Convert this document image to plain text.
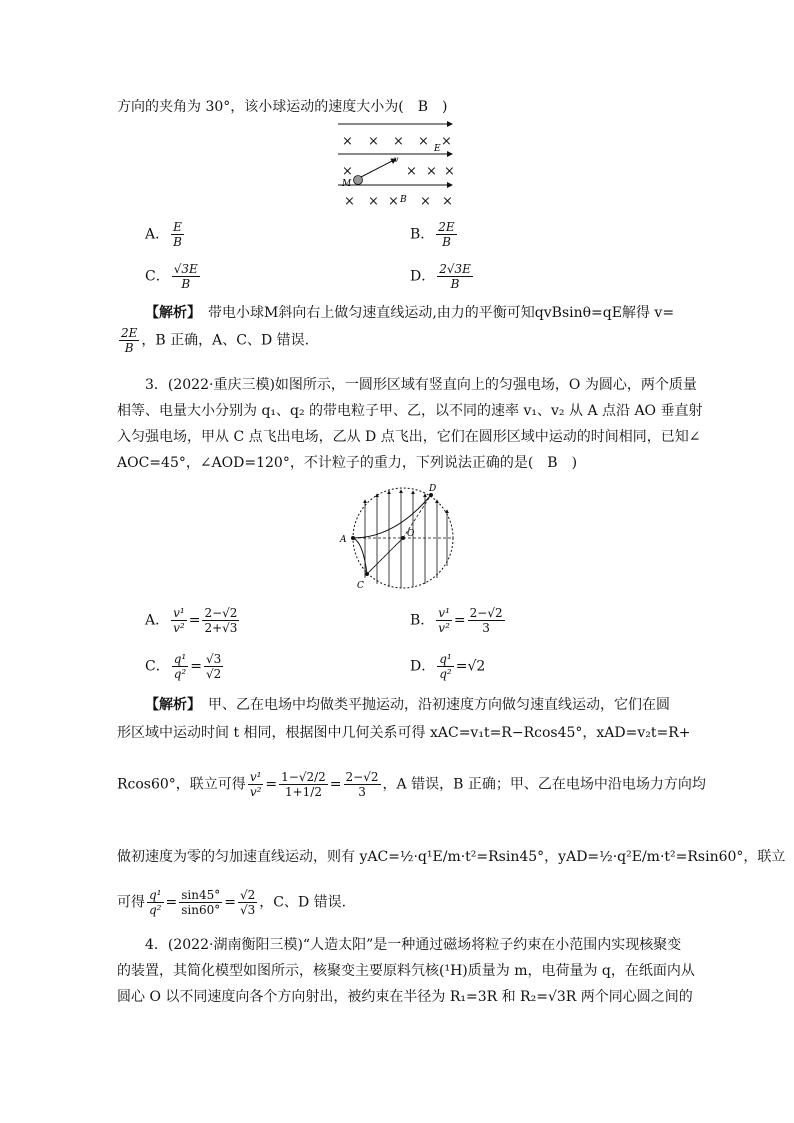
方向的夹角为 30°，该小球运动的速度大小为(　B　)
× × × × ×
×	× × ×
× × × × ×
E
B
v
M
A． $\frac{E}{B}$	B． $\frac{2E}{B}$
C． $\frac{√3E}{B}$	D． $\frac{2√3E}{B}$
【解析】　 带电小球M斜向右上做匀速直线运动,由力的平衡可知qvBsinθ=qE解得 v=
$\frac{2E}{B}$ ，B 正确，A、C、D 错误.
3．(2022·重庆三模)如图所示，一圆形区域有竖直向上的匀强电场，O 为圆心，两个质量
相等、电量大小分别为 q₁、q₂ 的带电粒子甲、乙，以不同的速率 v₁、v₂ 从 A 点沿 AO 垂直射
入匀强电场，甲从 C 点飞出电场，乙从 D 点飞出，它们在圆形区域中运动的时间相同，已知∠
AOC=45°，∠AOD=120°，不计粒子的重力，下列说法正确的是(　B　)
A
O
C
D
A． $\frac{\text{v¹}}{\text{v²}} = \frac{2-√2}{2+√3}$	B． $\frac{\text{v¹}}{\text{v²}} = \frac{2-√2}{3}$
C． $\frac{\text{q¹}}{\text{q²}} = \frac{√3}{√2}$	D． $\frac{\text{q¹}}{\text{q²}} =√2$
【解析】　 甲、乙在电场中均做类平抛运动，沿初速度方向做匀速直线运动，它们在圆
形区域中运动时间 t 相同，根据图中几何关系可得 xAC=v₁t=R−Rcos45°，xAD=v₂t=R+
Rcos60°，联立可得 $\frac{\text{v¹}}{\text{v²}} = \frac{1-√2/2}{1+1/2} = \frac{2-√2}{3}$ ，A 错误，B 正确；甲、乙在电场中沿电场力方向均
做初速度为零的匀加速直线运动，则有 yAC=½·q¹E/m·t²=Rsin45°，yAD=½·q²E/m·t²=Rsin60°，联立
可得 $\frac{\text{q¹}}{\text{q²}} = \frac{\sin 45^\circ}{\sin 60^\circ} = \frac{√2}{√3}$ ，C、D 错误.
4．(2022·湖南衡阳三模)“人造太阳”是一种通过磁场将粒子约束在小范围内实现核聚变
的装置，其简化模型如图所示，核聚变主要原料氕核(¹H)质量为 m，电荷量为 q，在纸面内从
圆心 O 以不同速度向各个方向射出，被约束在半径为 R₁=3R 和 R₂=√3R 两个同心圆之间的
